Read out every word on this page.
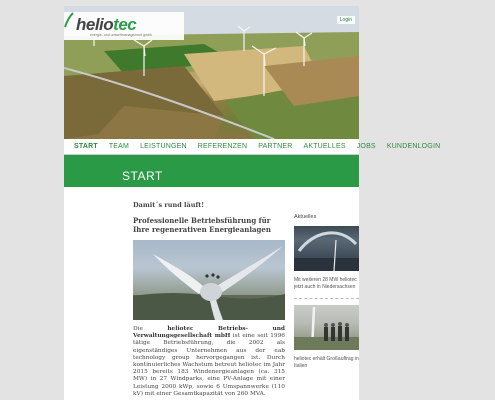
heliotec
energie- und umweltmanagement gmbh
Login
START TEAM LEISTUNGEN REFERENZEN PARTNER AKTUELLES JOBS KUNDENLOGIN
START
Damit´s rund läuft!
Professionelle Betriebsführung für Ihre regenerativen Energieanlagen
Die	heliotec Betriebs- und Verwaltungsgesellschaft mbH ist eine seit 1996 tätige Betriebsführung, die 2002 als eigenständiges Unternehmen aus der eab technology group hervorgegangen ist. Durch kontinuierliches Wachstum betreut heliotec im Jahr 2015 bereits 183 Windenergieanlagen (ca. 315 MW) in 27 Windparks, eine PV-Anlage mit einer Leistung 2000 kWp, sowie 6 Umspannwerke (110 kV) mit einer Gesamtkapazität von 260 MVA.
Aktuelles
Mit weiteren 28 MW heliotec jetzt auch in Niedersachsen
heliotec erhält Großauftrag in Italien
